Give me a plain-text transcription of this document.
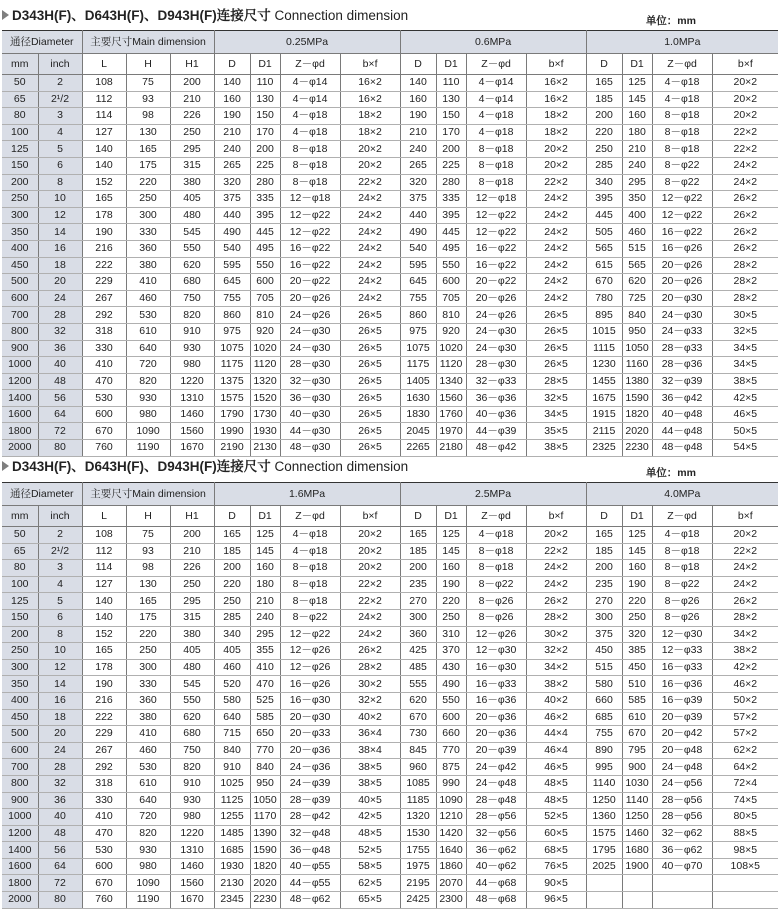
D343H(F)、D643H(F)、D943H(F)连接尺寸 Connection dimension	单位：mm
通径Diameter		主要尺寸Main dimension			0.25MPa				0.6MPa				1.0MPa			
mm	inch	L	H	H1	D	D1	Z－φd	b×f	D	D1	Z－φd	b×f	D	D1	Z－φd	b×f
50	2	108	75	200	140	110	4－φ14	16×2	140	110	4－φ14	16×2	165	125	4－φ18	20×2
65	2¹/2	112	93	210	160	130	4－φ14	16×2	160	130	4－φ14	16×2	185	145	4－φ18	20×2
80	3	114	98	226	190	150	4－φ18	18×2	190	150	4－φ18	18×2	200	160	8－φ18	20×2
100	4	127	130	250	210	170	4－φ18	18×2	210	170	4－φ18	18×2	220	180	8－φ18	22×2
125	5	140	165	295	240	200	8－φ18	20×2	240	200	8－φ18	20×2	250	210	8－φ18	22×2
150	6	140	175	315	265	225	8－φ18	20×2	265	225	8－φ18	20×2	285	240	8－φ22	24×2
200	8	152	220	380	320	280	8－φ18	22×2	320	280	8－φ18	22×2	340	295	8－φ22	24×2
250	10	165	250	405	375	335	12－φ18	24×2	375	335	12－φ18	24×2	395	350	12－φ22	26×2
300	12	178	300	480	440	395	12－φ22	24×2	440	395	12－φ22	24×2	445	400	12－φ22	26×2
350	14	190	330	545	490	445	12－φ22	24×2	490	445	12－φ22	24×2	505	460	16－φ22	26×2
400	16	216	360	550	540	495	16－φ22	24×2	540	495	16－φ22	24×2	565	515	16－φ26	26×2
450	18	222	380	620	595	550	16－φ22	24×2	595	550	16－φ22	24×2	615	565	20－φ26	28×2
500	20	229	410	680	645	600	20－φ22	24×2	645	600	20－φ22	24×2	670	620	20－φ26	28×2
600	24	267	460	750	755	705	20－φ26	24×2	755	705	20－φ26	24×2	780	725	20－φ30	28×2
700	28	292	530	820	860	810	24－φ26	26×5	860	810	24－φ26	26×5	895	840	24－φ30	30×5
800	32	318	610	910	975	920	24－φ30	26×5	975	920	24－φ30	26×5	1015	950	24－φ33	32×5
900	36	330	640	930	1075	1020	24－φ30	26×5	1075	1020	24－φ30	26×5	1115	1050	28－φ33	34×5
1000	40	410	720	980	1175	1120	28－φ30	26×5	1175	1120	28－φ30	26×5	1230	1160	28－φ36	34×5
1200	48	470	820	1220	1375	1320	32－φ30	26×5	1405	1340	32－φ33	28×5	1455	1380	32－φ39	38×5
1400	56	530	930	1310	1575	1520	36－φ30	26×5	1630	1560	36－φ36	32×5	1675	1590	36－φ42	42×5
1600	64	600	980	1460	1790	1730	40－φ30	26×5	1830	1760	40－φ36	34×5	1915	1820	40－φ48	46×5
1800	72	670	1090	1560	1990	1930	44－φ30	26×5	2045	1970	44－φ39	35×5	2115	2020	44－φ48	50×5
2000	80	760	1190	1670	2190	2130	48－φ30	26×5	2265	2180	48－φ42	38×5	2325	2230	48－φ48	54×5
D343H(F)、D643H(F)、D943H(F)连接尺寸 Connection dimension	单位：mm
通径Diameter		主要尺寸Main dimension			1.6MPa				2.5MPa				4.0MPa			
mm	inch	L	H	H1	D	D1	Z－φd	b×f	D	D1	Z－φd	b×f	D	D1	Z－φd	b×f
50	2	108	75	200	165	125	4－φ18	20×2	165	125	4－φ18	20×2	165	125	4－φ18	20×2
65	2¹/2	112	93	210	185	145	4－φ18	20×2	185	145	8－φ18	22×2	185	145	8－φ18	22×2
80	3	114	98	226	200	160	8－φ18	20×2	200	160	8－φ18	24×2	200	160	8－φ18	24×2
100	4	127	130	250	220	180	8－φ18	22×2	235	190	8－φ22	24×2	235	190	8－φ22	24×2
125	5	140	165	295	250	210	8－φ18	22×2	270	220	8－φ26	26×2	270	220	8－φ26	26×2
150	6	140	175	315	285	240	8－φ22	24×2	300	250	8－φ26	28×2	300	250	8－φ26	28×2
200	8	152	220	380	340	295	12－φ22	24×2	360	310	12－φ26	30×2	375	320	12－φ30	34×2
250	10	165	250	405	405	355	12－φ26	26×2	425	370	12－φ30	32×2	450	385	12－φ33	38×2
300	12	178	300	480	460	410	12－φ26	28×2	485	430	16－φ30	34×2	515	450	16－φ33	42×2
350	14	190	330	545	520	470	16－φ26	30×2	555	490	16－φ33	38×2	580	510	16－φ36	46×2
400	16	216	360	550	580	525	16－φ30	32×2	620	550	16－φ36	40×2	660	585	16－φ39	50×2
450	18	222	380	620	640	585	20－φ30	40×2	670	600	20－φ36	46×2	685	610	20－φ39	57×2
500	20	229	410	680	715	650	20－φ33	36×4	730	660	20－φ36	44×4	755	670	20－φ42	57×2
600	24	267	460	750	840	770	20－φ36	38×4	845	770	20－φ39	46×4	890	795	20－φ48	62×2
700	28	292	530	820	910	840	24－φ36	38×5	960	875	24－φ42	46×5	995	900	24－φ48	64×2
800	32	318	610	910	1025	950	24－φ39	38×5	1085	990	24－φ48	48×5	1140	1030	24－φ56	72×4
900	36	330	640	930	1125	1050	28－φ39	40×5	1185	1090	28－φ48	48×5	1250	1140	28－φ56	74×5
1000	40	410	720	980	1255	1170	28－φ42	42×5	1320	1210	28－φ56	52×5	1360	1250	28－φ56	80×5
1200	48	470	820	1220	1485	1390	32－φ48	48×5	1530	1420	32－φ56	60×5	1575	1460	32－φ62	88×5
1400	56	530	930	1310	1685	1590	36－φ48	52×5	1755	1640	36－φ62	68×5	1795	1680	36－φ62	98×5
1600	64	600	980	1460	1930	1820	40－φ55	58×5	1975	1860	40－φ62	76×5	2025	1900	40－φ70	108×5
1800	72	670	1090	1560	2130	2020	44－φ55	62×5	2195	2070	44－φ68	90×5				
2000	80	760	1190	1670	2345	2230	48－φ62	65×5	2425	2300	48－φ68	96×5				
